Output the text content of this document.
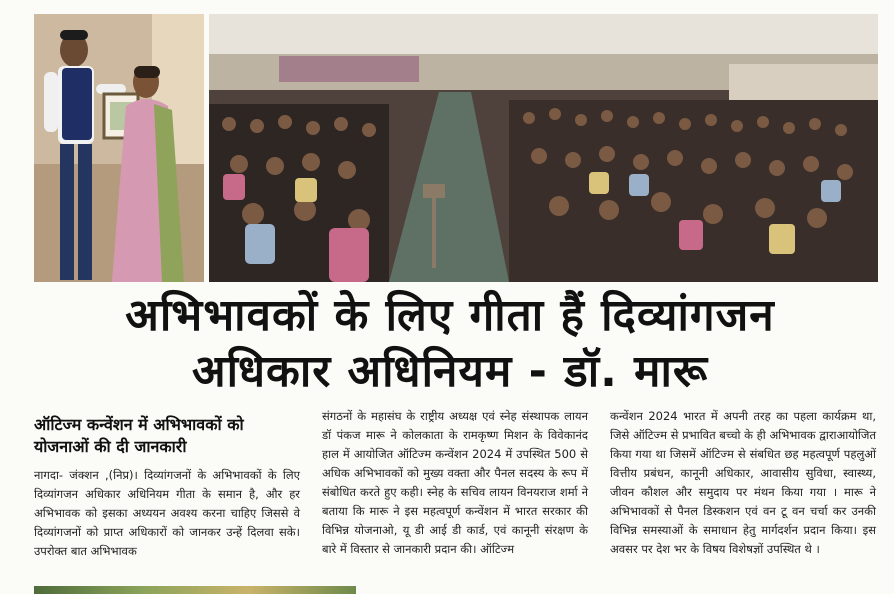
अभिभावकों के लिए गीता हैं दिव्यांगजन
अधिकार अधिनियम - डॉ. मारू
ऑटिज्म कन्वेंशन में अभिभावकों को योजनाओं की दी जानकारी
नागदा- जंक्शन ,(निप्र)। दिव्यांगजनों के अभिभावकों के लिए दिव्यांगजन अधिकार अधिनियम गीता के समान है, और हर अभिभावक को इसका अध्ययन अवश्य करना चाहिए जिससे वे दिव्यांगजनों को प्राप्त अधिकारों को जानकर उन्हें दिलवा सके। उपरोक्त बात अभिभावक
संगठनों के महासंघ के राष्ट्रीय अध्यक्ष एवं स्नेह संस्थापक लायन डॉ पंकज मारू ने कोलकाता के रामकृष्ण मिशन के विवेकानंद हाल में आयोजित ऑटिज्म कन्वेंशन 2024 में उपस्थित 500 से अधिक अभिभावकों को मुख्य वक्ता और पैनल सदस्य के रूप में संबोधित करते हुए कही। स्नेह के सचिव लायन विनयराज शर्मा ने बताया कि मारू ने इस महत्वपूर्ण कन्वेंशन में भारत सरकार की विभिन्न योजनाओ, यू डी आई डी कार्ड, एवं कानूनी संरक्षण के बारे में विस्तार से जानकारी प्रदान की। ऑटिज्म
कन्वेंशन 2024 भारत में अपनी तरह का पहला कार्यक्रम था, जिसे ऑटिज्म से प्रभावित बच्चो के ही अभिभावक द्वाराआयोजित किया गया था जिसमें ऑटिज्म से संबधित छह महत्वपूर्ण पहलुओं वित्तीय प्रबंधन, कानूनी अधिकार, आवासीय सुविधा, स्वास्थ्य, जीवन कौशल और समुदाय पर मंथन किया गया । मारू ने अभिभावकों से पैनल डिस्कशन एवं वन टू वन चर्चा कर उनकी विभिन्न समस्याओं के समाधान हेतु मार्गदर्शन प्रदान किया। इस अवसर पर देश भर के विषय विशेषज्ञों उपस्थित थे ।
